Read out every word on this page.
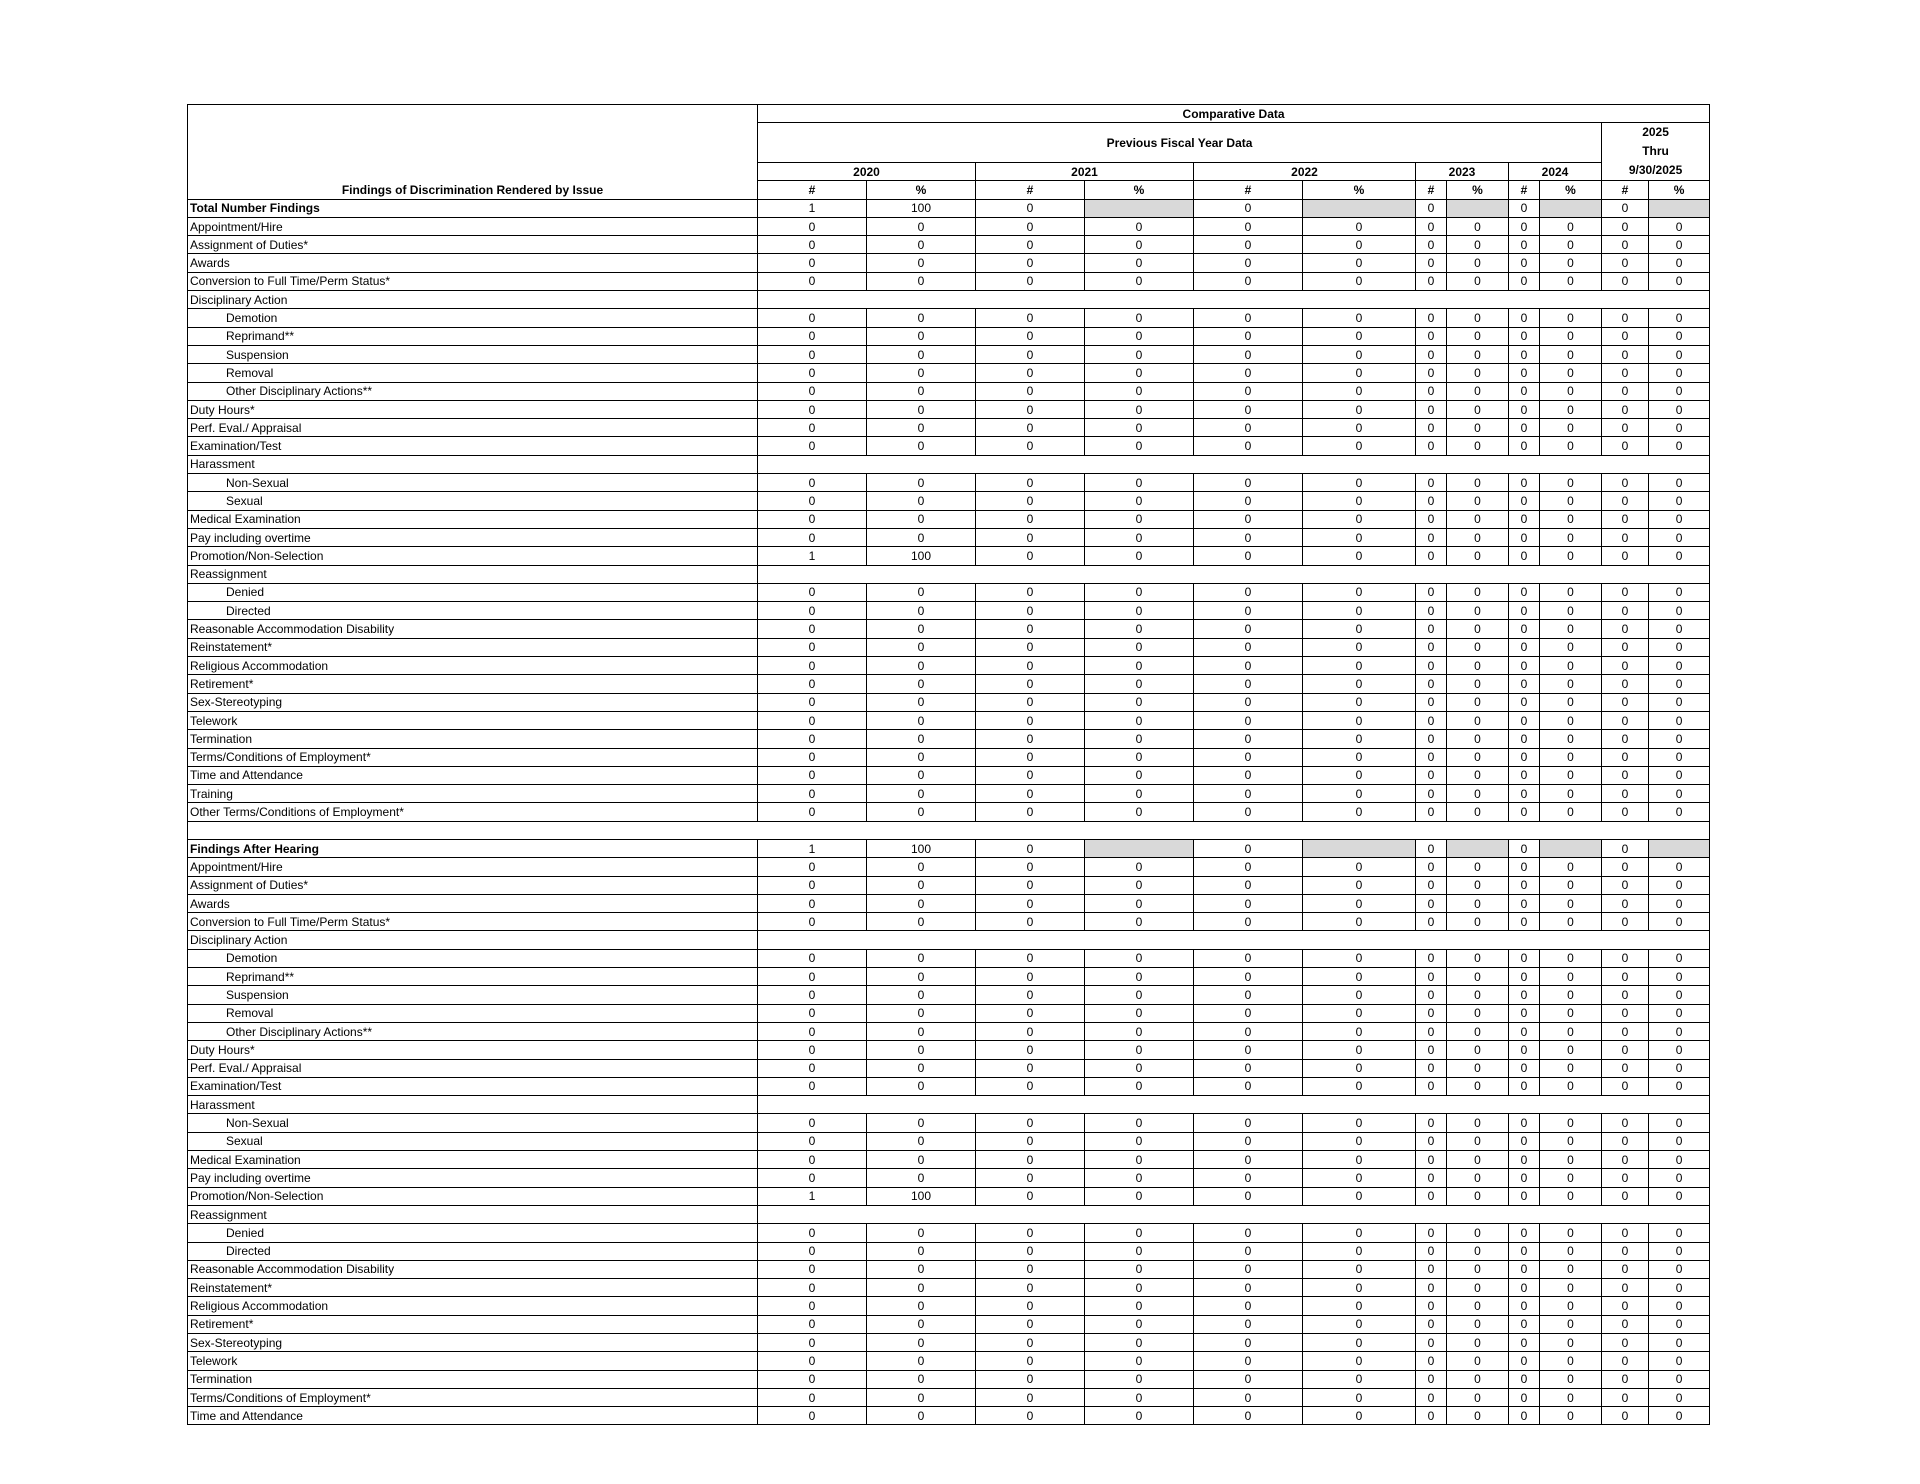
	Comparative Data											
	Previous Fiscal Year Data										2025
Thru
9/30/2025	

	2020		2021		2022		2023		2024			
Findings of Discrimination Rendered by Issue	#	%	#	%	#	%	#	%	#	%	#	%
Total Number Findings	1	100	0		0		0		0		0	
Appointment/Hire	0	0	0	0	0	0	0	0	0	0	0	0
Assignment of Duties*	0	0	0	0	0	0	0	0	0	0	0	0
Awards	0	0	0	0	0	0	0	0	0	0	0	0
Conversion to Full Time/Perm Status*	0	0	0	0	0	0	0	0	0	0	0	0
Disciplinary Action												
Demotion	0	0	0	0	0	0	0	0	0	0	0	0
Reprimand**	0	0	0	0	0	0	0	0	0	0	0	0
Suspension	0	0	0	0	0	0	0	0	0	0	0	0
Removal	0	0	0	0	0	0	0	0	0	0	0	0
Other Disciplinary Actions**	0	0	0	0	0	0	0	0	0	0	0	0
Duty Hours*	0	0	0	0	0	0	0	0	0	0	0	0
Perf. Eval./ Appraisal	0	0	0	0	0	0	0	0	0	0	0	0
Examination/Test	0	0	0	0	0	0	0	0	0	0	0	0
Harassment												
Non-Sexual	0	0	0	0	0	0	0	0	0	0	0	0
Sexual	0	0	0	0	0	0	0	0	0	0	0	0
Medical Examination	0	0	0	0	0	0	0	0	0	0	0	0
Pay including overtime	0	0	0	0	0	0	0	0	0	0	0	0
Promotion/Non-Selection	1	100	0	0	0	0	0	0	0	0	0	0
Reassignment												
Denied	0	0	0	0	0	0	0	0	0	0	0	0
Directed	0	0	0	0	0	0	0	0	0	0	0	0
Reasonable Accommodation Disability	0	0	0	0	0	0	0	0	0	0	0	0
Reinstatement*	0	0	0	0	0	0	0	0	0	0	0	0
Religious Accommodation	0	0	0	0	0	0	0	0	0	0	0	0
Retirement*	0	0	0	0	0	0	0	0	0	0	0	0
Sex-Stereotyping	0	0	0	0	0	0	0	0	0	0	0	0
Telework	0	0	0	0	0	0	0	0	0	0	0	0
Termination	0	0	0	0	0	0	0	0	0	0	0	0
Terms/Conditions of Employment*	0	0	0	0	0	0	0	0	0	0	0	0
Time and Attendance	0	0	0	0	0	0	0	0	0	0	0	0
Training	0	0	0	0	0	0	0	0	0	0	0	0
Other Terms/Conditions of Employment*	0	0	0	0	0	0	0	0	0	0	0	0

Findings After Hearing	1	100	0		0		0		0		0	
Appointment/Hire	0	0	0	0	0	0	0	0	0	0	0	0
Assignment of Duties*	0	0	0	0	0	0	0	0	0	0	0	0
Awards	0	0	0	0	0	0	0	0	0	0	0	0
Conversion to Full Time/Perm Status*	0	0	0	0	0	0	0	0	0	0	0	0
Disciplinary Action												
Demotion	0	0	0	0	0	0	0	0	0	0	0	0
Reprimand**	0	0	0	0	0	0	0	0	0	0	0	0
Suspension	0	0	0	0	0	0	0	0	0	0	0	0
Removal	0	0	0	0	0	0	0	0	0	0	0	0
Other Disciplinary Actions**	0	0	0	0	0	0	0	0	0	0	0	0
Duty Hours*	0	0	0	0	0	0	0	0	0	0	0	0
Perf. Eval./ Appraisal	0	0	0	0	0	0	0	0	0	0	0	0
Examination/Test	0	0	0	0	0	0	0	0	0	0	0	0
Harassment												
Non-Sexual	0	0	0	0	0	0	0	0	0	0	0	0
Sexual	0	0	0	0	0	0	0	0	0	0	0	0
Medical Examination	0	0	0	0	0	0	0	0	0	0	0	0
Pay including overtime	0	0	0	0	0	0	0	0	0	0	0	0
Promotion/Non-Selection	1	100	0	0	0	0	0	0	0	0	0	0
Reassignment												
Denied	0	0	0	0	0	0	0	0	0	0	0	0
Directed	0	0	0	0	0	0	0	0	0	0	0	0
Reasonable Accommodation Disability	0	0	0	0	0	0	0	0	0	0	0	0
Reinstatement*	0	0	0	0	0	0	0	0	0	0	0	0
Religious Accommodation	0	0	0	0	0	0	0	0	0	0	0	0
Retirement*	0	0	0	0	0	0	0	0	0	0	0	0
Sex-Stereotyping	0	0	0	0	0	0	0	0	0	0	0	0
Telework	0	0	0	0	0	0	0	0	0	0	0	0
Termination	0	0	0	0	0	0	0	0	0	0	0	0
Terms/Conditions of Employment*	0	0	0	0	0	0	0	0	0	0	0	0
Time and Attendance	0	0	0	0	0	0	0	0	0	0	0	0
